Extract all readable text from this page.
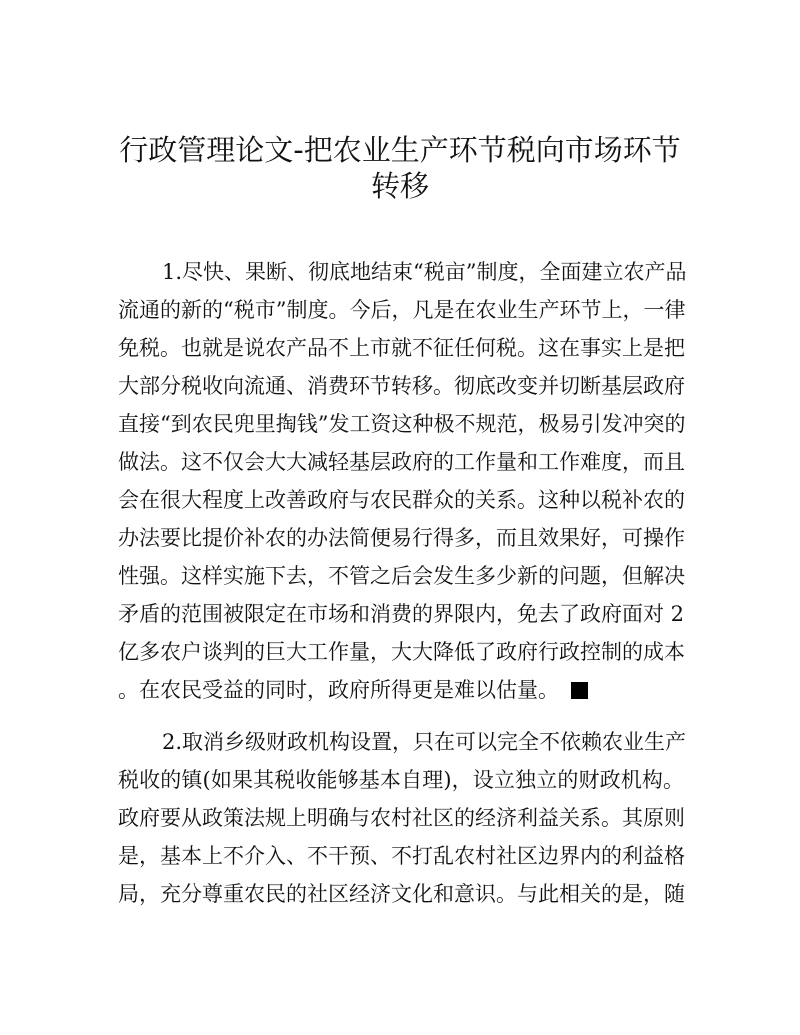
行政管理论文-把农业生产环节税向市场环节
转移
1.尽快、果断、彻底地结束“税亩”制度，全面建立农产品
流通的新的“税市”制度。今后，凡是在农业生产环节上，一律
免税。也就是说农产品不上市就不征任何税。这在事实上是把
大部分税收向流通、消费环节转移。彻底改变并切断基层政府
直接“到农民兜里掏钱”发工资这种极不规范，极易引发冲突的
做法。这不仅会大大减轻基层政府的工作量和工作难度，而且
会在很大程度上改善政府与农民群众的关系。这种以税补农的
办法要比提价补农的办法简便易行得多，而且效果好，可操作
性强。这样实施下去，不管之后会发生多少新的问题，但解决
矛盾的范围被限定在市场和消费的界限内，免去了政府面对 2
亿多农户谈判的巨大工作量，大大降低了政府行政控制的成本
。在农民受益的同时，政府所得更是难以估量。
2.取消乡级财政机构设置，只在可以完全不依赖农业生产
税收的镇(如果其税收能够基本自理)，设立独立的财政机构。
政府要从政策法规上明确与农村社区的经济利益关系。其原则
是，基本上不介入、不干预、不打乱农村社区边界内的利益格
局，充分尊重农民的社区经济文化和意识。与此相关的是，随
